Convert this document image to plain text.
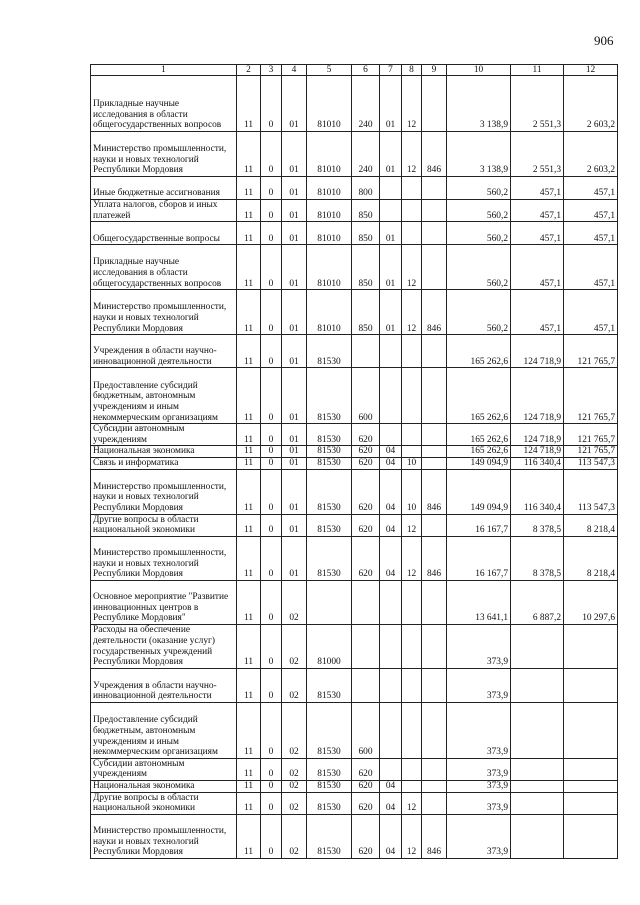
906
1	2	3	4	5	6	7	8	9	10	11	12
Прикладные научные исследования в области общегосударственных вопросов	11	0	01	81010	240	01	12		3 138,9	2 551,3	2 603,2
Министерство промышленности, науки и новых технологий Республики Мордовия	11	0	01	81010	240	01	12	846	3 138,9	2 551,3	2 603,2
Иные бюджетные ассигнования	11	0	01	81010	800				560,2	457,1	457,1
Уплата налогов, сборов и иных платежей	11	0	01	81010	850				560,2	457,1	457,1
Общегосударственные вопросы	11	0	01	81010	850	01			560,2	457,1	457,1
Прикладные научные исследования в области общегосударственных вопросов	11	0	01	81010	850	01	12		560,2	457,1	457,1
Министерство промышленности, науки и новых технологий Республики Мордовия	11	0	01	81010	850	01	12	846	560,2	457,1	457,1
Учреждения в области научно-инновационной деятельности	11	0	01	81530					165 262,6	124 718,9	121 765,7
Предоставление субсидий бюджетным, автономным учреждениям и иным некоммерческим организациям	11	0	01	81530	600				165 262,6	124 718,9	121 765,7
Субсидии автономным учреждениям	11	0	01	81530	620				165 262,6	124 718,9	121 765,7
Национальная экономика	11	0	01	81530	620	04			165 262,6	124 718,9	121 765,7
Связь и информатика	11	0	01	81530	620	04	10		149 094,9	116 340,4	113 547,3
Министерство промышленности, науки и новых технологий Республики Мордовия	11	0	01	81530	620	04	10	846	149 094,9	116 340,4	113 547,3
Другие вопросы в области национальной экономики	11	0	01	81530	620	04	12		16 167,7	8 378,5	8 218,4
Министерство промышленности, науки и новых технологий Республики Мордовия	11	0	01	81530	620	04	12	846	16 167,7	8 378,5	8 218,4
Основное мероприятие "Развитие инновационных центров в Республике Мордовия"	11	0	02						13 641,1	6 887,2	10 297,6
Расходы на обеспечение деятельности (оказание услуг) государственных учреждений Республики Мордовия	11	0	02	81000					373,9		
Учреждения в области научно-инновационной деятельности	11	0	02	81530					373,9		
Предоставление субсидий бюджетным, автономным учреждениям и иным некоммерческим организациям	11	0	02	81530	600				373,9		
Субсидии автономным учреждениям	11	0	02	81530	620				373,9		
Национальная экономика	11	0	02	81530	620	04			373,9		
Другие вопросы в области национальной экономики	11	0	02	81530	620	04	12		373,9		
Министерство промышленности, науки и новых технологий Республики Мордовия	11	0	02	81530	620	04	12	846	373,9		
